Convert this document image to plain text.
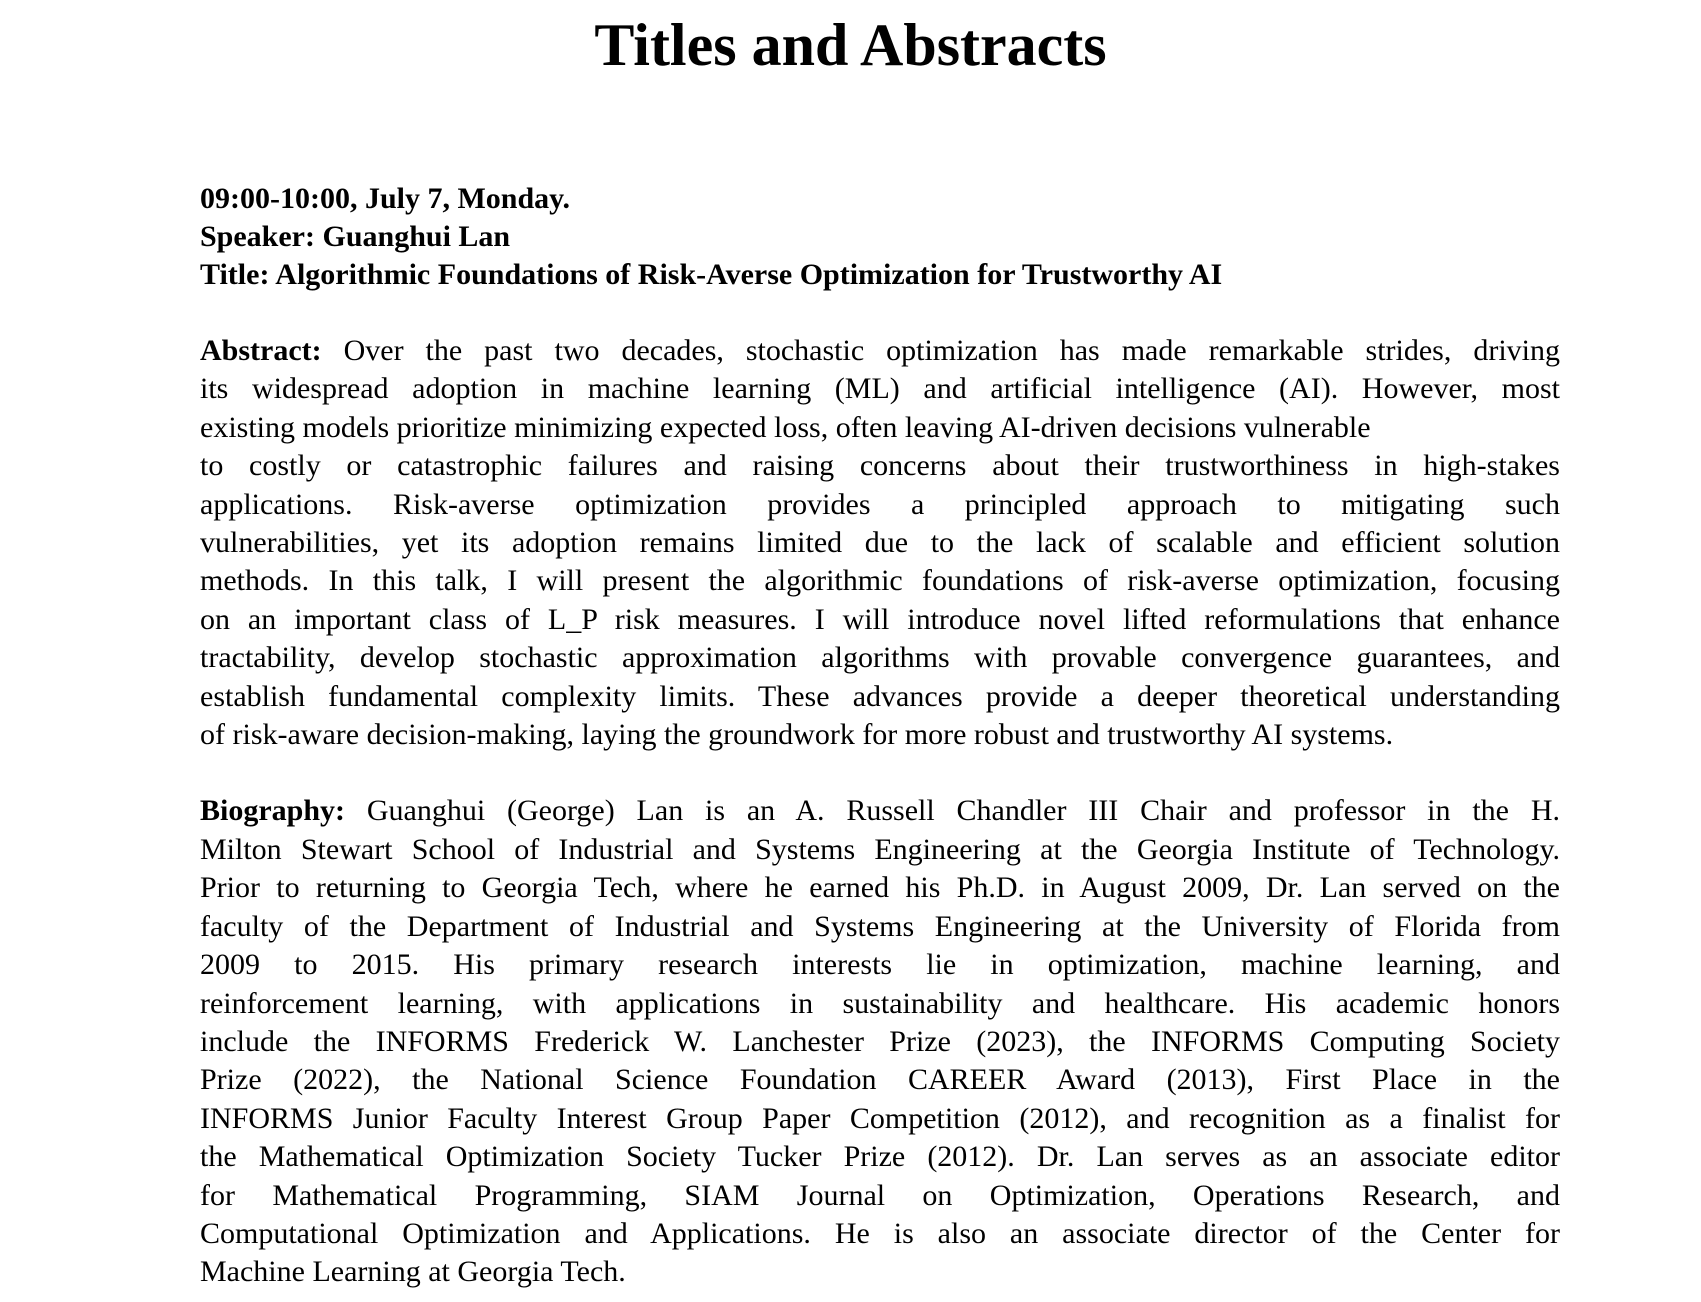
Titles and Abstracts

09:00-10:00, July 7, Monday.

Speaker: Guanghui Lan

Title: Algorithmic Foundations of Risk-Averse Optimization for Trustworthy AI

Abstract: Over the past two decades, stochastic optimization has made remarkable strides, driving
its widespread adoption in machine learning (ML) and artificial intelligence (AI). However, most
existing models prioritize minimizing expected loss, often leaving AI-driven decisions vulnerable
to costly or catastrophic failures and raising concerns about their trustworthiness in high-stakes
applications. Risk-averse optimization provides a principled approach to mitigating such
vulnerabilities, yet its adoption remains limited due to the lack of scalable and efficient solution
methods. In this talk, I will present the algorithmic foundations of risk-averse optimization, focusing
on an important class of L_P risk measures. I will introduce novel lifted reformulations that enhance
tractability, develop stochastic approximation algorithms with provable convergence guarantees, and
establish fundamental complexity limits. These advances provide a deeper theoretical understanding
of risk-aware decision-making, laying the groundwork for more robust and trustworthy AI systems.
Biography: Guanghui (George) Lan is an A. Russell Chandler III Chair and professor in the H.
Milton Stewart School of Industrial and Systems Engineering at the Georgia Institute of Technology.
Prior to returning to Georgia Tech, where he earned his Ph.D. in August 2009, Dr. Lan served on the
faculty of the Department of Industrial and Systems Engineering at the University of Florida from
2009 to 2015. His primary research interests lie in optimization, machine learning, and
reinforcement learning, with applications in sustainability and healthcare. His academic honors
include the INFORMS Frederick W. Lanchester Prize (2023), the INFORMS Computing Society
Prize (2022), the National Science Foundation CAREER Award (2013), First Place in the
INFORMS Junior Faculty Interest Group Paper Competition (2012), and recognition as a finalist for
the Mathematical Optimization Society Tucker Prize (2012). Dr. Lan serves as an associate editor
for Mathematical Programming, SIAM Journal on Optimization, Operations Research, and
Computational Optimization and Applications. He is also an associate director of the Center for
Machine Learning at Georgia Tech.
